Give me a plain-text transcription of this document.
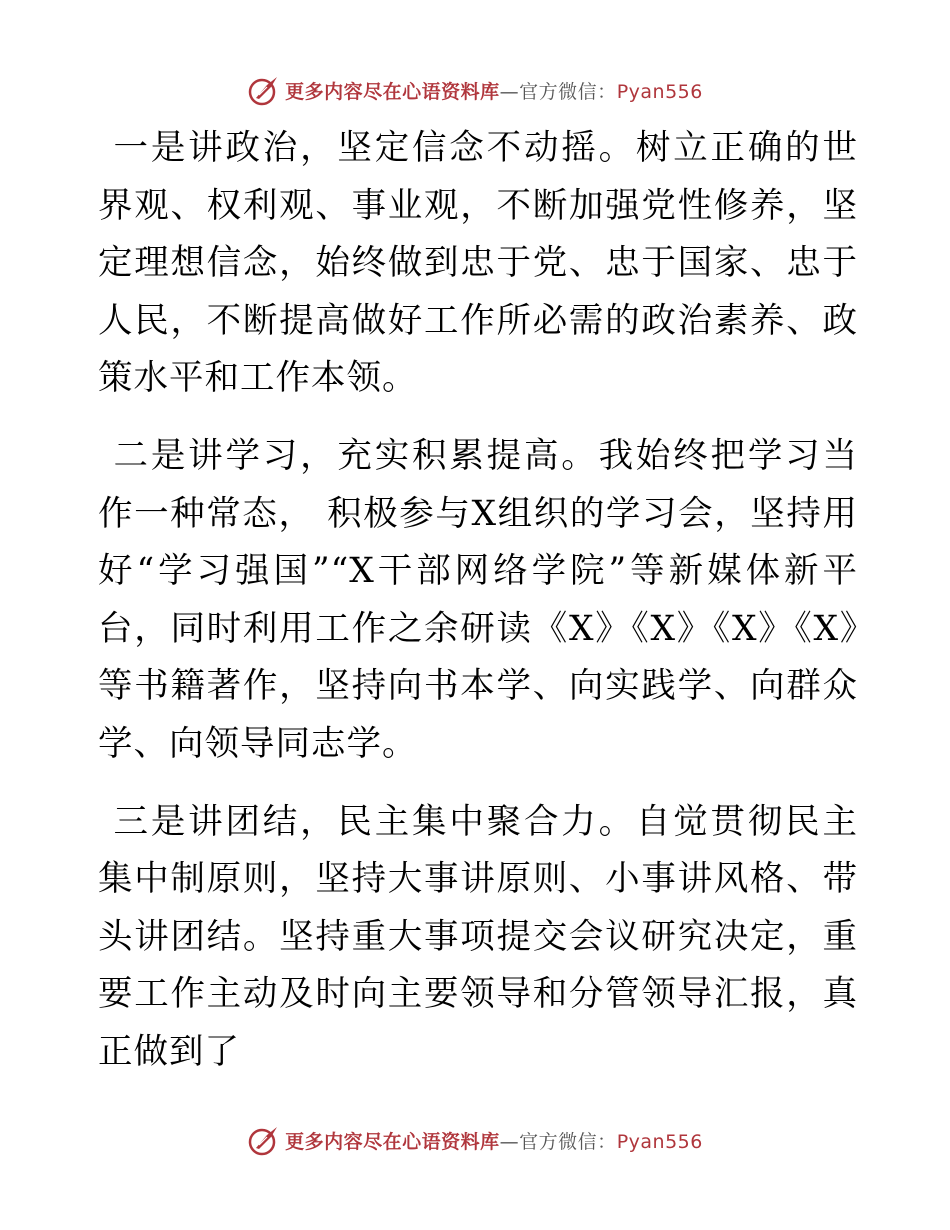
更多内容尽在心语资料库—官方微信：Pyan556

一是讲政治，坚定信念不动摇。树立正确的世界观、权利观、事业观，不断加强党性修养，坚定理想信念，始终做到忠于党、忠于国家、忠于人民，不断提高做好工作所必需的政治素养、政策水平和工作本领。

二是讲学习，充实积累提高。我始终把学习当作一种常态， 积极参与X组织的学习会，坚持用好“学习强国”“X干部网络学院”等新媒体新平台，同时利用工作之余研读《X》《X》《X》《X》等书籍著作，坚持向书本学、向实践学、向群众学、向领导同志学。

三是讲团结，民主集中聚合力。自觉贯彻民主集中制原则，坚持大事讲原则、小事讲风格、带头讲团结。坚持重大事项提交会议研究决定，重要工作主动及时向主要领导和分管领导汇报，真正做到了

更多内容尽在心语资料库—官方微信：Pyan556
